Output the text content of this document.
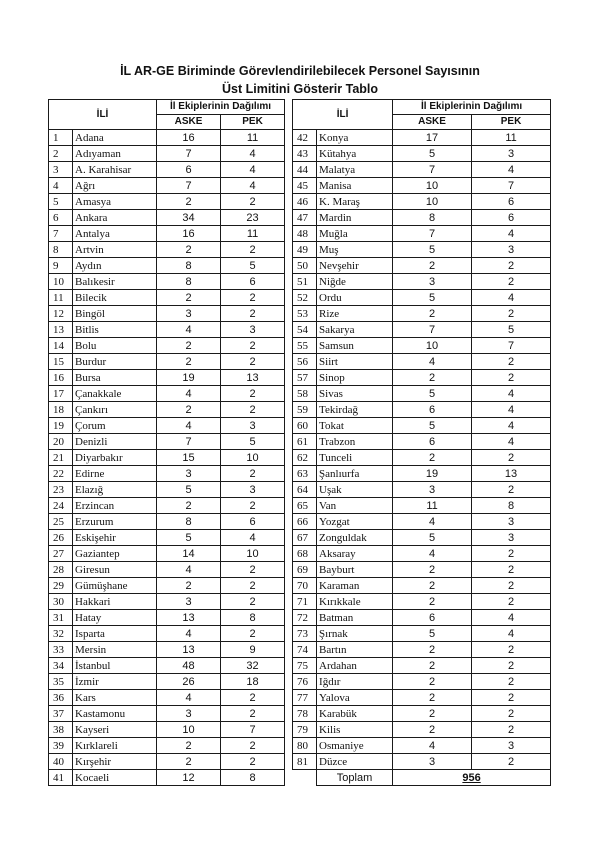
İL AR-GE Biriminde Görevlendirilebilecek Personel Sayısının
Üst Limitini Gösterir Tablo
İLİ		İl Ekiplerinin Dağılımı			İLİ		İl Ekiplerinin Dağılımı	
		ASKE	PEK				ASKE	PEK
1	Adana	16	11		42	Konya	17	11
2	Adıyaman	7	4		43	Kütahya	5	3
3	A. Karahisar	6	4		44	Malatya	7	4
4	Ağrı	7	4		45	Manisa	10	7
5	Amasya	2	2		46	K. Maraş	10	6
6	Ankara	34	23		47	Mardin	8	6
7	Antalya	16	11		48	Muğla	7	4
8	Artvin	2	2		49	Muş	5	3
9	Aydın	8	5		50	Nevşehir	2	2
10	Balıkesir	8	6		51	Niğde	3	2
11	Bilecik	2	2		52	Ordu	5	4
12	Bingöl	3	2		53	Rize	2	2
13	Bitlis	4	3		54	Sakarya	7	5
14	Bolu	2	2		55	Samsun	10	7
15	Burdur	2	2		56	Siirt	4	2
16	Bursa	19	13		57	Sinop	2	2
17	Çanakkale	4	2		58	Sivas	5	4
18	Çankırı	2	2		59	Tekirdağ	6	4
19	Çorum	4	3		60	Tokat	5	4
20	Denizli	7	5		61	Trabzon	6	4
21	Diyarbakır	15	10		62	Tunceli	2	2
22	Edirne	3	2		63	Şanlıurfa	19	13
23	Elazığ	5	3		64	Uşak	3	2
24	Erzincan	2	2		65	Van	11	8
25	Erzurum	8	6		66	Yozgat	4	3
26	Eskişehir	5	4		67	Zonguldak	5	3
27	Gaziantep	14	10		68	Aksaray	4	2
28	Giresun	4	2		69	Bayburt	2	2
29	Gümüşhane	2	2		70	Karaman	2	2
30	Hakkari	3	2		71	Kırıkkale	2	2
31	Hatay	13	8		72	Batman	6	4
32	Isparta	4	2		73	Şırnak	5	4
33	Mersin	13	9		74	Bartın	2	2
34	İstanbul	48	32		75	Ardahan	2	2
35	İzmir	26	18		76	Iğdır	2	2
36	Kars	4	2		77	Yalova	2	2
37	Kastamonu	3	2		78	Karabük	2	2
38	Kayseri	10	7		79	Kilis	2	2
39	Kırklareli	2	2		80	Osmaniye	4	3
40	Kırşehir	2	2		81	Düzce	3	2
41	Kocaeli	12	8			Toplam	956	
